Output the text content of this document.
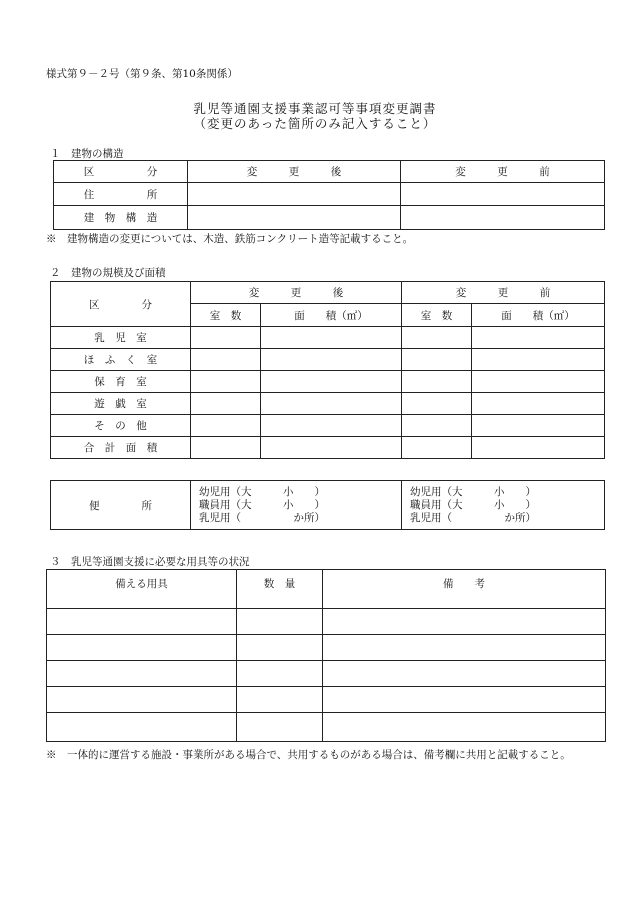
様式第９－２号（第９条、第10条関係）
乳児等通園支援事業認可等事項変更調書
（変更のあった箇所のみ記入すること）
１　建物の構造
区　　　　　分	変　　　更　　　後	変　　　更　　　前
住　　　　　所		
建　物　構　造		
※　建物構造の変更については、木造、鉄筋コンクリート造等記載すること。
２　建物の規模及び面積
区　　　　分	変　　　更　　　後		変　　　更　　　前	
	室　数	面　　積（㎡）	室　数	面　　積（㎡）
乳　児　室				
ほ　ふ　く　室				
保　育　室				
遊　戯　室				
そ　の　他				
合　計　面　積				
便　　　　所	
幼児用（大　　　小　　）
職員用（大　　　小　　）
乳児用（　　　　　か所）

幼児用（大　　　小　　）
職員用（大　　　小　　）
乳児用（　　　　　か所）
３　乳児等通園支援に必要な用具等の状況
備える用具	数　量	備　　考

※　一体的に運営する施設・事業所がある場合で、共用するものがある場合は、備考欄に共用と記載すること。
